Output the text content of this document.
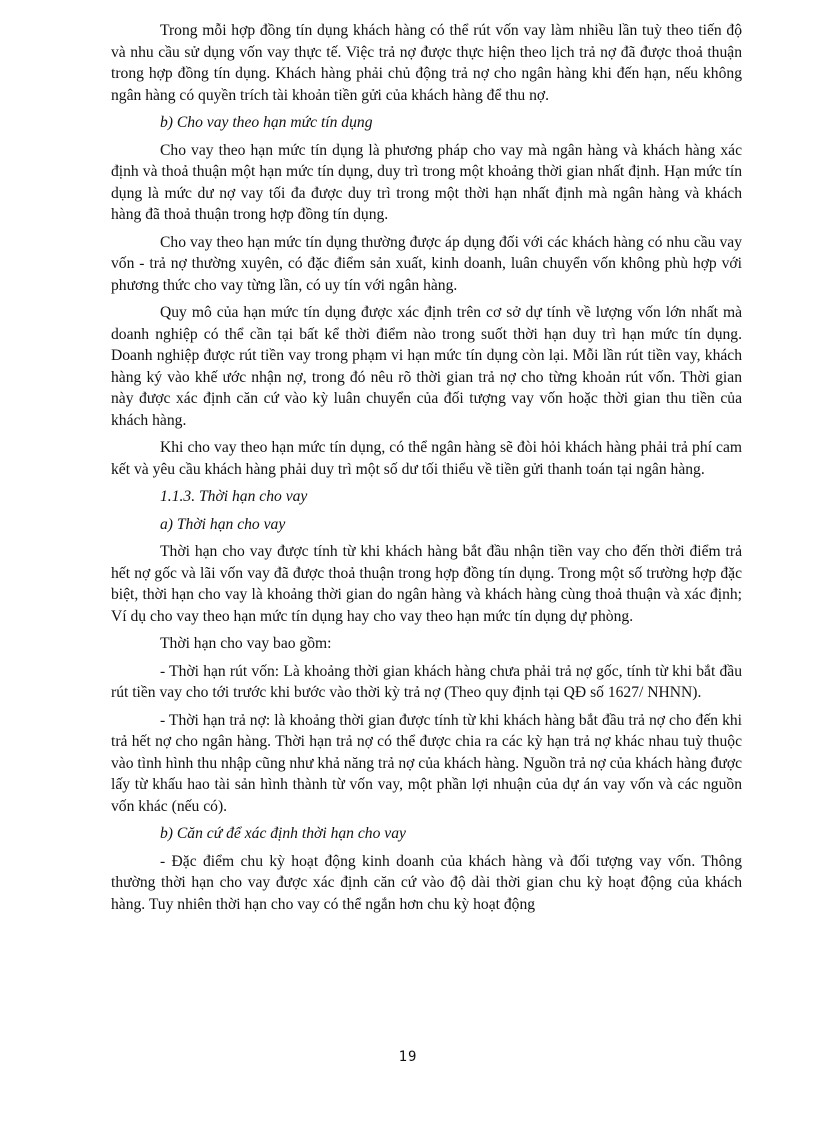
Trong mỗi hợp đồng tín dụng khách hàng có thể rút vốn vay làm nhiều lần tuỳ theo tiến độ và nhu cầu sử dụng vốn vay thực tế. Việc trả nợ được thực hiện theo lịch trả nợ đã được thoả thuận trong hợp đồng tín dụng. Khách hàng phải chủ động trả nợ cho ngân hàng khi đến hạn, nếu không ngân hàng có quyền trích tài khoản tiền gửi của khách hàng để thu nợ.

b) Cho vay theo hạn mức tín dụng

Cho vay theo hạn mức tín dụng là phương pháp cho vay mà ngân hàng và khách hàng xác định và thoả thuận một hạn mức tín dụng, duy trì trong một khoảng thời gian nhất định. Hạn mức tín dụng là mức dư nợ vay tối đa được duy trì trong một thời hạn nhất định mà ngân hàng và khách hàng đã thoả thuận trong hợp đồng tín dụng.

Cho vay theo hạn mức tín dụng thường được áp dụng đối với các khách hàng có nhu cầu vay vốn - trả nợ thường xuyên, có đặc điểm sản xuất, kinh doanh, luân chuyển vốn không phù hợp với phương thức cho vay từng lần, có uy tín với ngân hàng.

Quy mô của hạn mức tín dụng được xác định trên cơ sở dự tính về lượng vốn lớn nhất mà doanh nghiệp có thể cần tại bất kể thời điểm nào trong suốt thời hạn duy trì hạn mức tín dụng. Doanh nghiệp được rút tiền vay trong phạm vi hạn mức tín dụng còn lại. Mỗi lần rút tiền vay, khách hàng ký vào khế ước nhận nợ, trong đó nêu rõ thời gian trả nợ cho từng khoản rút vốn. Thời gian này được xác định căn cứ vào kỳ luân chuyển của đối tượng vay vốn hoặc thời gian thu tiền của khách hàng.

Khi cho vay theo hạn mức tín dụng, có thể ngân hàng sẽ đòi hỏi khách hàng phải trả phí cam kết và yêu cầu khách hàng phải duy trì một số dư tối thiểu về tiền gửi thanh toán tại ngân hàng.

1.1.3. Thời hạn cho vay

a) Thời hạn cho vay

Thời hạn cho vay được tính từ khi khách hàng bắt đầu nhận tiền vay cho đến thời điểm trả hết nợ gốc và lãi vốn vay đã được thoả thuận trong hợp đồng tín dụng. Trong một số trường hợp đặc biệt, thời hạn cho vay là khoảng thời gian do ngân hàng và khách hàng cùng thoả thuận và xác định; Ví dụ cho vay theo hạn mức tín dụng hay cho vay theo hạn mức tín dụng dự phòng.

Thời hạn cho vay bao gồm:

- Thời hạn rút vốn: Là khoảng thời gian khách hàng chưa phải trả nợ gốc, tính từ khi bắt đầu rút tiền vay cho tới trước khi bước vào thời kỳ trả nợ (Theo quy định tại QĐ số 1627/ NHNN).

- Thời hạn trả nợ: là khoảng thời gian được tính từ khi khách hàng bắt đầu trả nợ cho đến khi trả hết nợ cho ngân hàng. Thời hạn trả nợ có thể được chia ra các kỳ hạn trả nợ khác nhau tuỳ thuộc vào tình hình thu nhập cũng như khả năng trả nợ của khách hàng. Nguồn trả nợ của khách hàng được lấy từ khấu hao tài sản hình thành từ vốn vay, một phần lợi nhuận của dự án vay vốn và các nguồn vốn khác (nếu có).

b) Căn cứ để xác định thời hạn cho vay

- Đặc điểm chu kỳ hoạt động kinh doanh của khách hàng và đối tượng vay vốn. Thông thường thời hạn cho vay được xác định căn cứ vào độ dài thời gian chu kỳ hoạt động của khách hàng. Tuy nhiên thời hạn cho vay có thể ngắn hơn chu kỳ hoạt động

19
